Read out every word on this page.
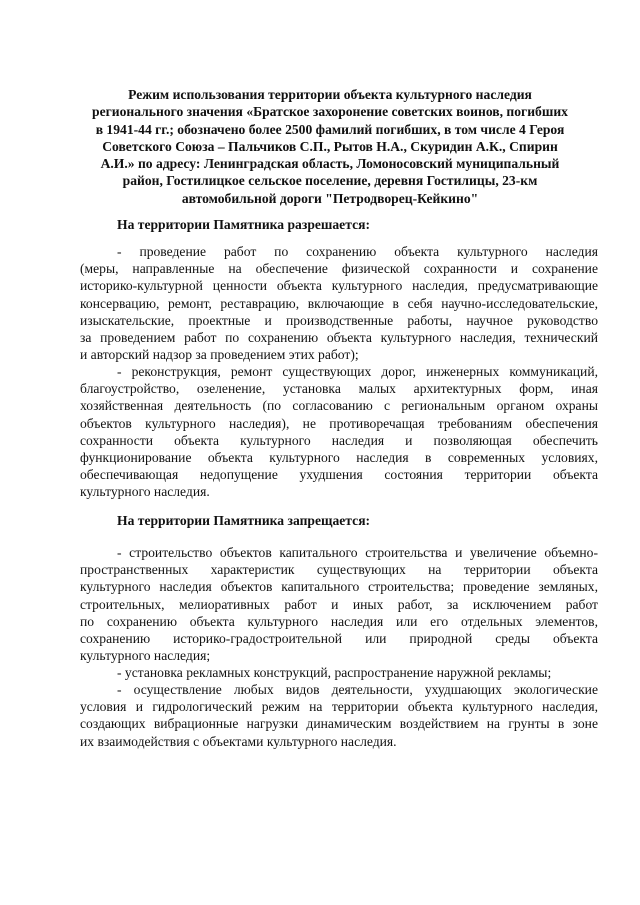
Режим использования территории объекта культурного наследия
регионального значения «Братское захоронение советских воинов, погибших
в 1941-44 гг.; обозначено более 2500 фамилий погибших, в том числе 4 Героя
Советского Союза – Пальчиков С.П., Рытов Н.А., Скуридин А.К., Спирин
А.И.» по адресу: Ленинградская область, Ломоносовский муниципальный
район, Гостилицкое сельское поселение, деревня Гостилицы, 23-км
автомобильной дороги "Петродворец-Кейкино"
На территории Памятника разрешается:
- проведение работ по сохранению объекта культурного наследия
(меры, направленные на обеспечение физической сохранности и сохранение
историко-культурной ценности объекта культурного наследия, предусматривающие
консервацию, ремонт, реставрацию, включающие в себя научно-исследовательские,
изыскательские, проектные и производственные работы, научное руководство
за проведением работ по сохранению объекта культурного наследия, технический
и авторский надзор за проведением этих работ);
- реконструкция, ремонт существующих дорог, инженерных коммуникаций,
благоустройство, озеленение, установка малых архитектурных форм, иная
хозяйственная деятельность (по согласованию с региональным органом охраны
объектов культурного наследия), не противоречащая требованиям обеспечения
сохранности объекта культурного наследия и позволяющая обеспечить
функционирование объекта культурного наследия в современных условиях,
обеспечивающая недопущение ухудшения состояния территории объекта
культурного наследия.
На территории Памятника запрещается:
- строительство объектов капитального строительства и увеличение объемно-
пространственных характеристик существующих на территории объекта
культурного наследия объектов капитального строительства; проведение земляных,
строительных, мелиоративных работ и иных работ, за исключением работ
по сохранению объекта культурного наследия или его отдельных элементов,
сохранению историко-градостроительной или природной среды объекта
культурного наследия;
- установка рекламных конструкций, распространение наружной рекламы;
- осуществление любых видов деятельности, ухудшающих экологические
условия и гидрологический режим на территории объекта культурного наследия,
создающих вибрационные нагрузки динамическим воздействием на грунты в зоне
их взаимодействия с объектами культурного наследия.
